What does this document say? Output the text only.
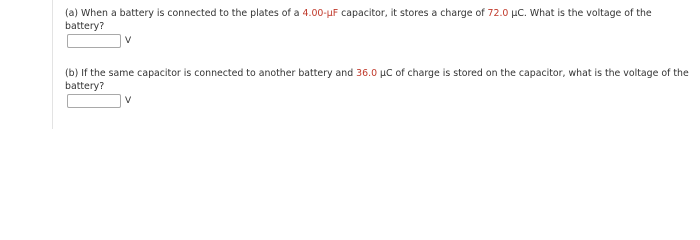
(a) When a battery is connected to the plates of a 4.00-μF capacitor, it stores a charge of 72.0 μC. What is the voltage of the battery?
V
(b) If the same capacitor is connected to another battery and 36.0 μC of charge is stored on the capacitor, what is the voltage of the battery?
V
